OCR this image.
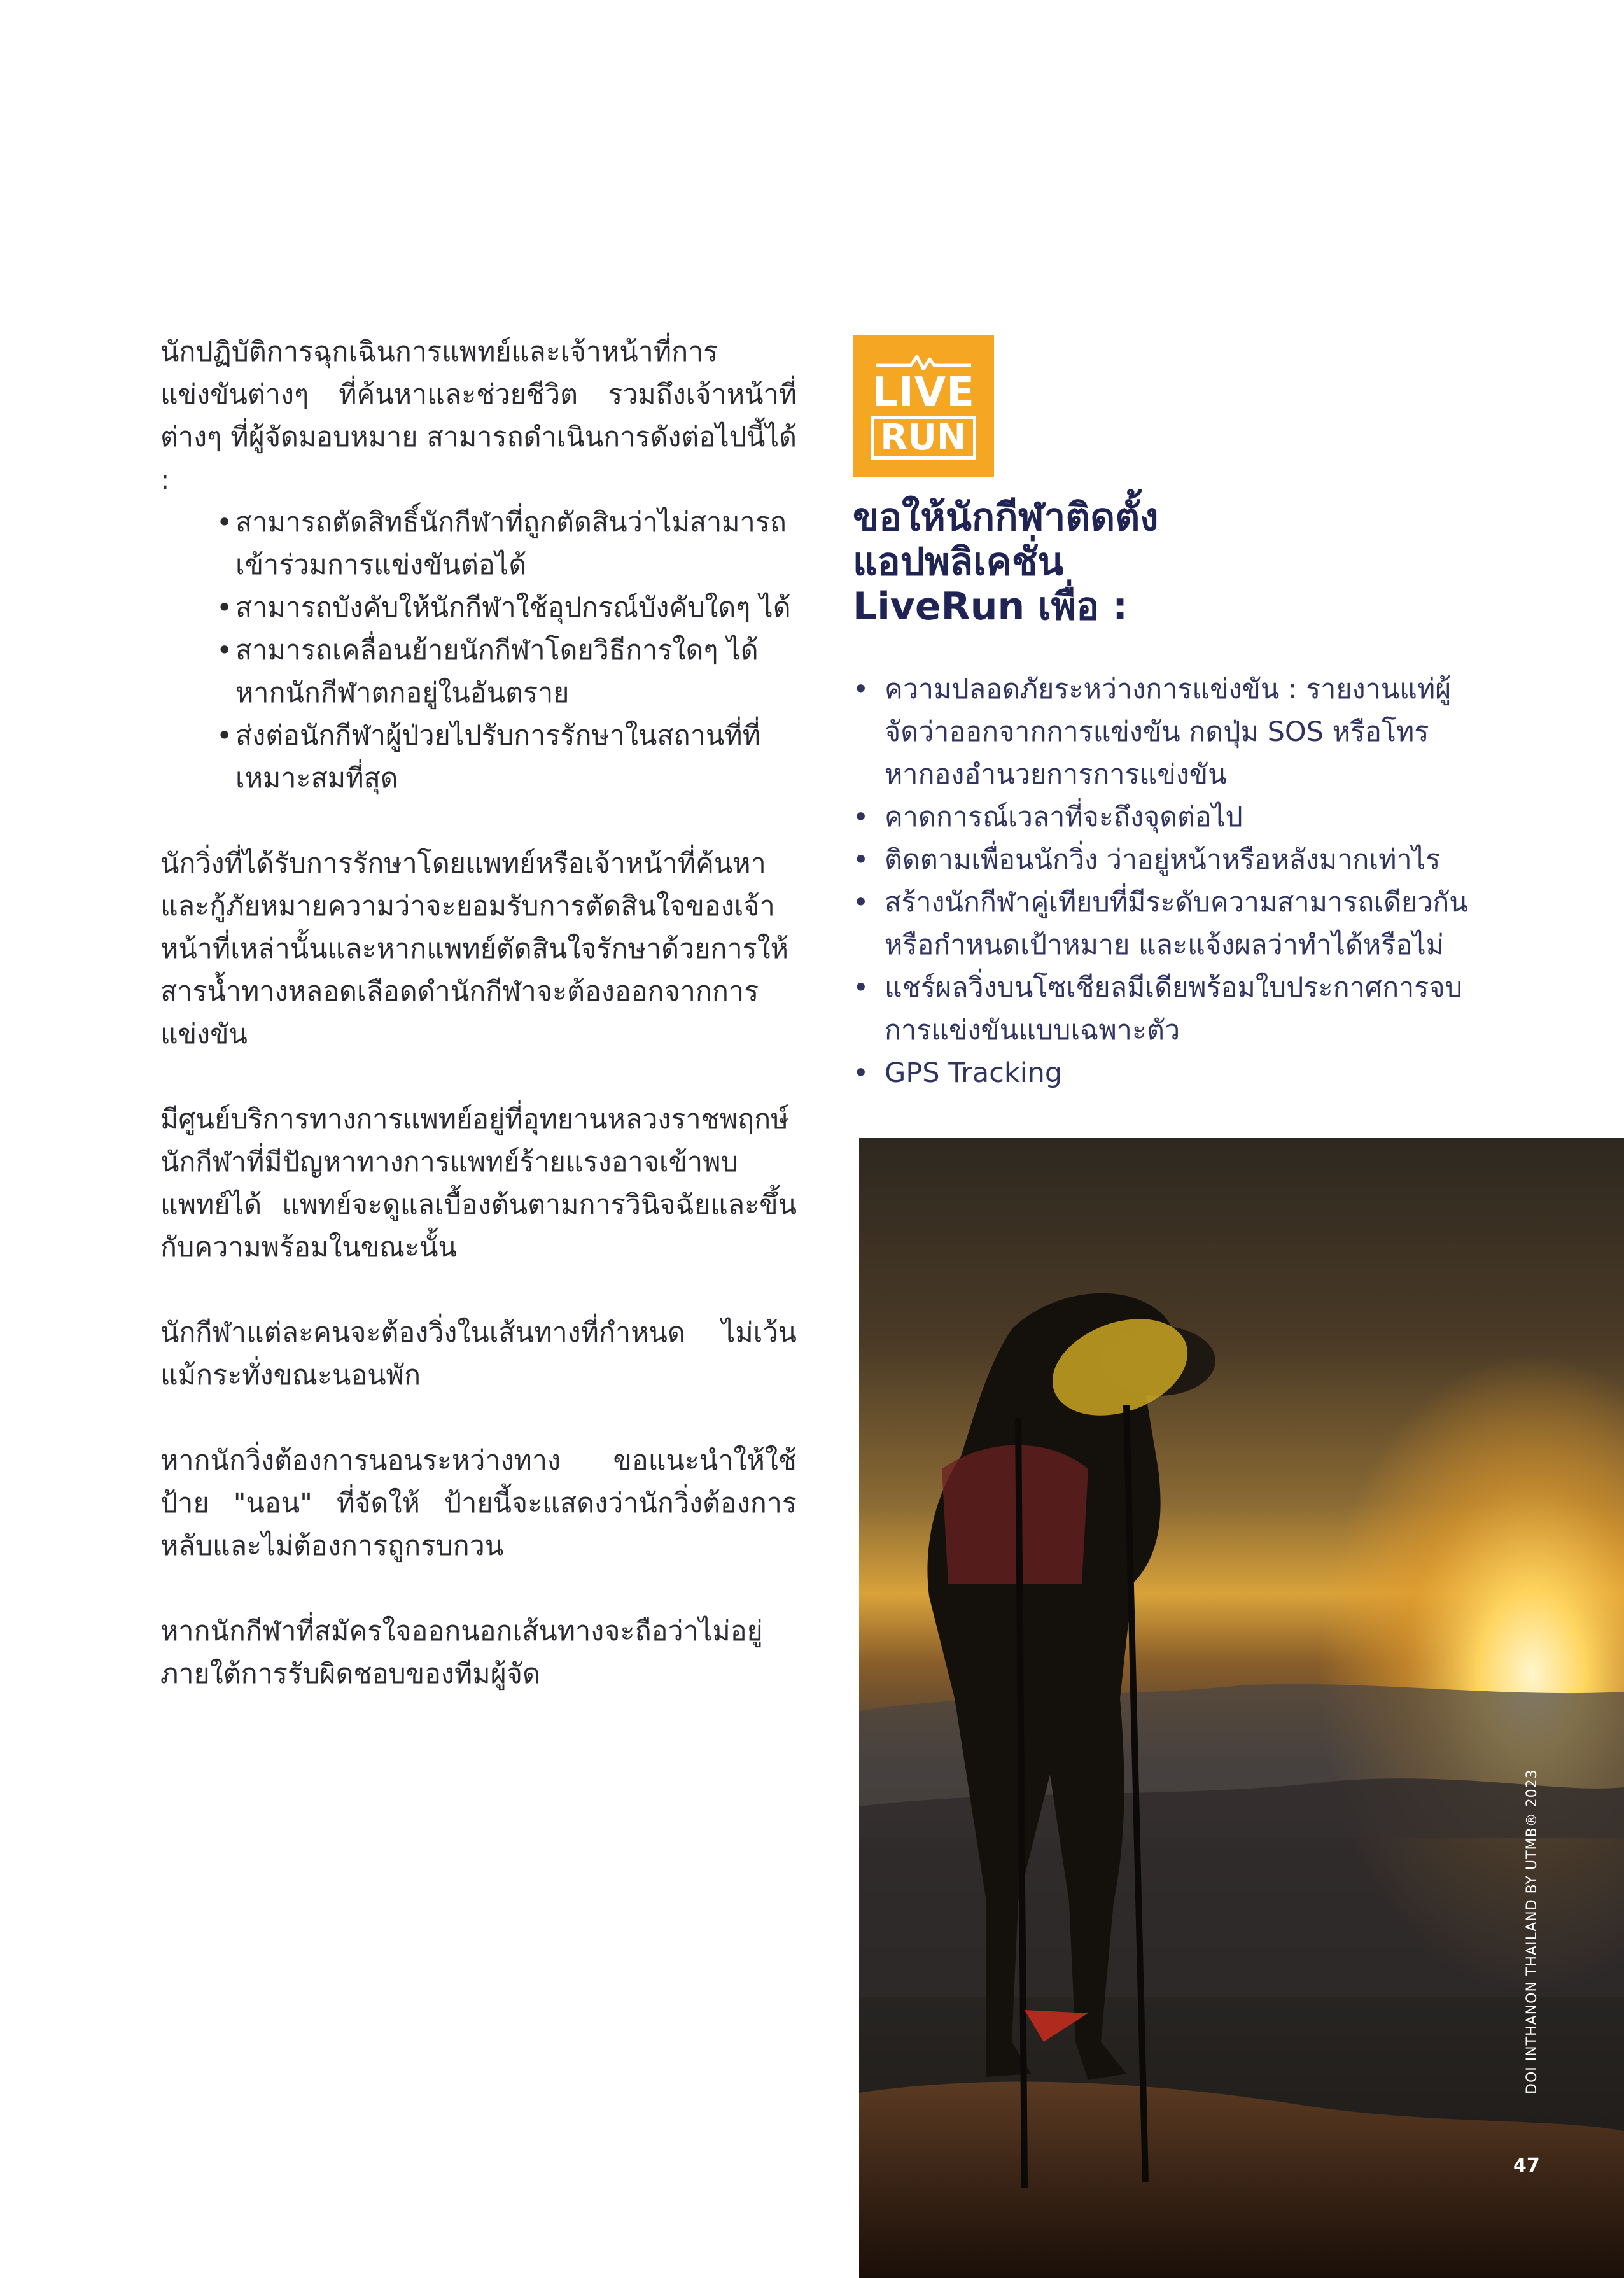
นักปฏิบัติการฉุกเฉินการแพทย์และเจ้าหน้าที่การแข่งขันต่างๆ ที่ค้นหาและช่วยชีวิต รวมถึงเจ้าหน้าที่ต่างๆ ที่ผู้จัดมอบหมาย สามารถดำเนินการดังต่อไปนี้ได้ :

• สามารถตัดสิทธิ์นักกีฬาที่ถูกตัดสินว่าไม่สามารถเข้าร่วมการแข่งขันต่อได้
• สามารถบังคับให้นักกีฬาใช้อุปกรณ์บังคับใดๆ ได้
• สามารถเคลื่อนย้ายนักกีฬาโดยวิธีการใดๆ ได้หากนักกีฬาตกอยู่ในอันตราย
• ส่งต่อนักกีฬาผู้ป่วยไปรับการรักษาในสถานที่ที่เหมาะสมที่สุด

นักวิ่งที่ได้รับการรักษาโดยแพทย์หรือเจ้าหน้าที่ค้นหาและกู้ภัยหมายความว่าจะยอมรับการตัดสินใจของเจ้าหน้าที่เหล่านั้นและหากแพทย์ตัดสินใจรักษาด้วยการให้สารน้ำทางหลอดเลือดดำนักกีฬาจะต้องออกจากการแข่งขัน

มีศูนย์บริการทางการแพทย์อยู่ที่อุทยานหลวงราชพฤกษ์ นักกีฬาที่มีปัญหาทางการแพทย์ร้ายแรงอาจเข้าพบแพทย์ได้ แพทย์จะดูแลเบื้องต้นตามการวินิจฉัยและขึ้นกับความพร้อมในขณะนั้น

นักกีฬาแต่ละคนจะต้องวิ่งในเส้นทางที่กำหนด ไม่เว้นแม้กระทั่งขณะนอนพัก

หากนักวิ่งต้องการนอนระหว่างทาง ขอแนะนำให้ใช้ป้าย "นอน" ที่จัดให้ ป้ายนี้จะแสดงว่านักวิ่งต้องการหลับและไม่ต้องการถูกรบกวน

หากนักกีฬาที่สมัครใจออกนอกเส้นทางจะถือว่าไม่อยู่ภายใต้การรับผิดชอบของทีมผู้จัด

LIVE
RUN
ขอให้นักกีฬาติดตั้งแอปพลิเคชั่น LiveRun เพื่อ :
• ความปลอดภัยระหว่างการแข่งขัน : รายงานแท่ผู้จัดว่าออกจากการแข่งขัน กดปุ่ม SOS หรือโทรหากองอำนวยการการแข่งขัน
• คาดการณ์เวลาที่จะถึงจุดต่อไป
• ติดตามเพื่อนนักวิ่ง ว่าอยู่หน้าหรือหลังมากเท่าไร
• สร้างนักกีฬาคู่เทียบที่มีระดับความสามารถเดียวกันหรือกำหนดเป้าหมาย และแจ้งผลว่าทำได้หรือไม่
• แชร์ผลวิ่งบนโซเชียลมีเดียพร้อมใบประกาศการจบการแข่งขันแบบเฉพาะตัว
• GPS Tracking
DOI INTHANON THAILAND BY UTMB® 2023
47
